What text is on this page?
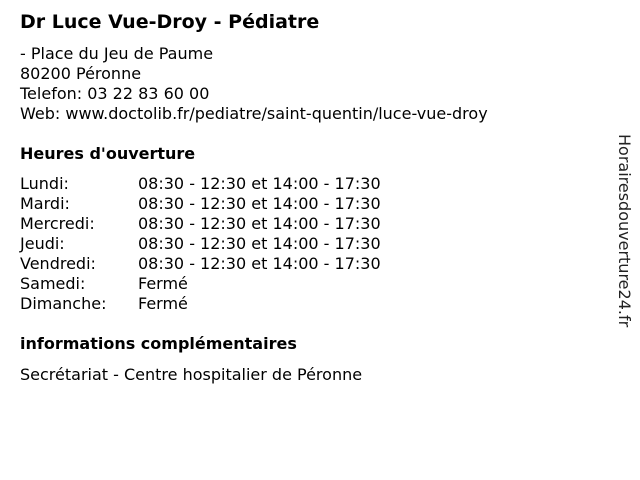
Dr Luce Vue-Droy - Pédiatre
- Place du Jeu de Paume
80200 Péronne
Telefon: 03 22 83 60 00
Web: www.doctolib.fr/pediatre/saint-quentin/luce-vue-droy
Heures d'ouverture
Lundi:	08:30 - 12:30 et 14:00 - 17:30
Mardi:	08:30 - 12:30 et 14:00 - 17:30
Mercredi:	08:30 - 12:30 et 14:00 - 17:30
Jeudi:	08:30 - 12:30 et 14:00 - 17:30
Vendredi:	08:30 - 12:30 et 14:00 - 17:30
Samedi:	Fermé
Dimanche:	Fermé
informations complémentaires
Secrétariat - Centre hospitalier de Péronne
Horairesdouverture24.fr
